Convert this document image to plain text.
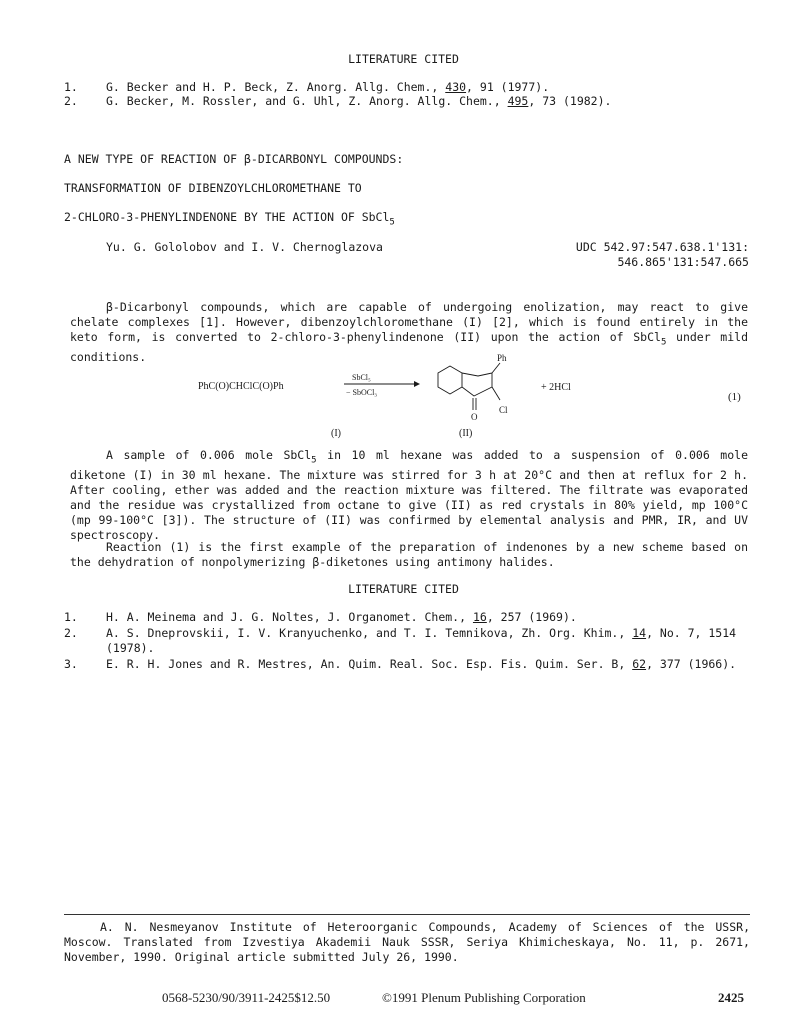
LITERATURE CITED
1. G. Becker and H. P. Beck, Z. Anorg. Allg. Chem., 430, 91 (1977).
2. G. Becker, M. Rossler, and G. Uhl, Z. Anorg. Allg. Chem., 495, 73 (1982).
A NEW TYPE OF REACTION OF β-DICARBONYL COMPOUNDS:
TRANSFORMATION OF DIBENZOYLCHLOROMETHANE TO
2-CHLORO-3-PHENYLINDENONE BY THE ACTION OF SbCl$_5$
Yu. G. Gololobov and I. V. Chernoglazova	UDC 542.97:547.638.1'131:
546.865'131:547.665
β-Dicarbonyl compounds, which are capable of undergoing enolization, may react to give chelate complexes [1]. However, dibenzoylchloromethane (I) [2], which is found entirely in the keto form, is converted to 2-chloro-3-phenylindenone (II) upon the action of SbCl$_5$ under mild conditions.
PhC(O)CHClC(O)Ph
SbCl₅
− SbOCl₃
Ph
Cl
O
+ 2HCl
(1)
(I)	(II)
A sample of 0.006 mole SbCl$_5$ in 10 ml hexane was added to a suspension of 0.006 mole diketone (I) in 30 ml hexane. The mixture was stirred for 3 h at 20°C and then at reflux for 2 h. After cooling, ether was added and the reaction mixture was filtered. The filtrate was evaporated and the residue was crystallized from octane to give (II) as red crystals in 80% yield, mp 100°C (mp 99-100°C [3]). The structure of (II) was confirmed by elemental analysis and PMR, IR, and UV spectroscopy.
Reaction (1) is the first example of the preparation of indenones by a new scheme based on the dehydration of nonpolymerizing β-diketones using antimony halides.
LITERATURE CITED
1. H. A. Meinema and J. G. Noltes, J. Organomet. Chem., 16, 257 (1969).
2. A. S. Dneprovskii, I. V. Kranyuchenko, and T. I. Temnikova, Zh. Org. Khim., 14, No. 7, 1514 (1978).
3. E. R. H. Jones and R. Mestres, An. Quim. Real. Soc. Esp. Fis. Quim. Ser. B, 62, 377 (1966).
A. N. Nesmeyanov Institute of Heteroorganic Compounds, Academy of Sciences of the USSR, Moscow. Translated from Izvestiya Akademii Nauk SSSR, Seriya Khimicheskaya, No. 11, p. 2671, November, 1990. Original article submitted July 26, 1990.
0568-5230/90/3911-2425$12.50	©1991 Plenum Publishing Corporation	2425
